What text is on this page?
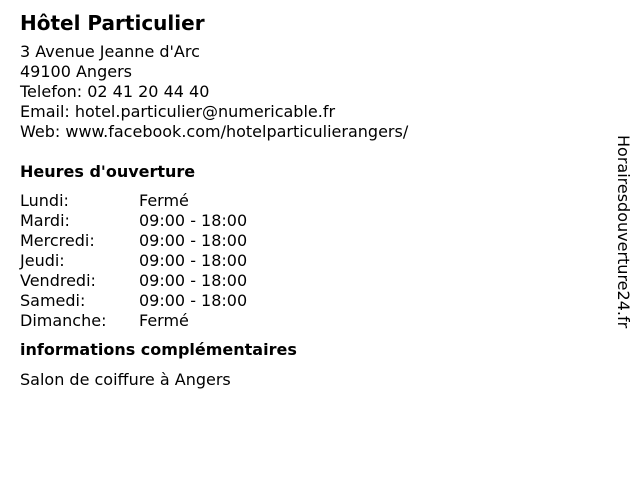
Hôtel Particulier
3 Avenue Jeanne d'Arc
49100 Angers
Telefon: 02 41 20 44 40
Email: hotel.particulier@numericable.fr
Web: www.facebook.com/hotelparticulierangers/
Heures d'ouverture
Lundi:	Fermé
Mardi:	09:00 - 18:00
Mercredi:	09:00 - 18:00
Jeudi:	09:00 - 18:00
Vendredi:	09:00 - 18:00
Samedi:	09:00 - 18:00
Dimanche: Fermé
informations complémentaires
Salon de coiffure à Angers
Horairesdouverture24.fr
